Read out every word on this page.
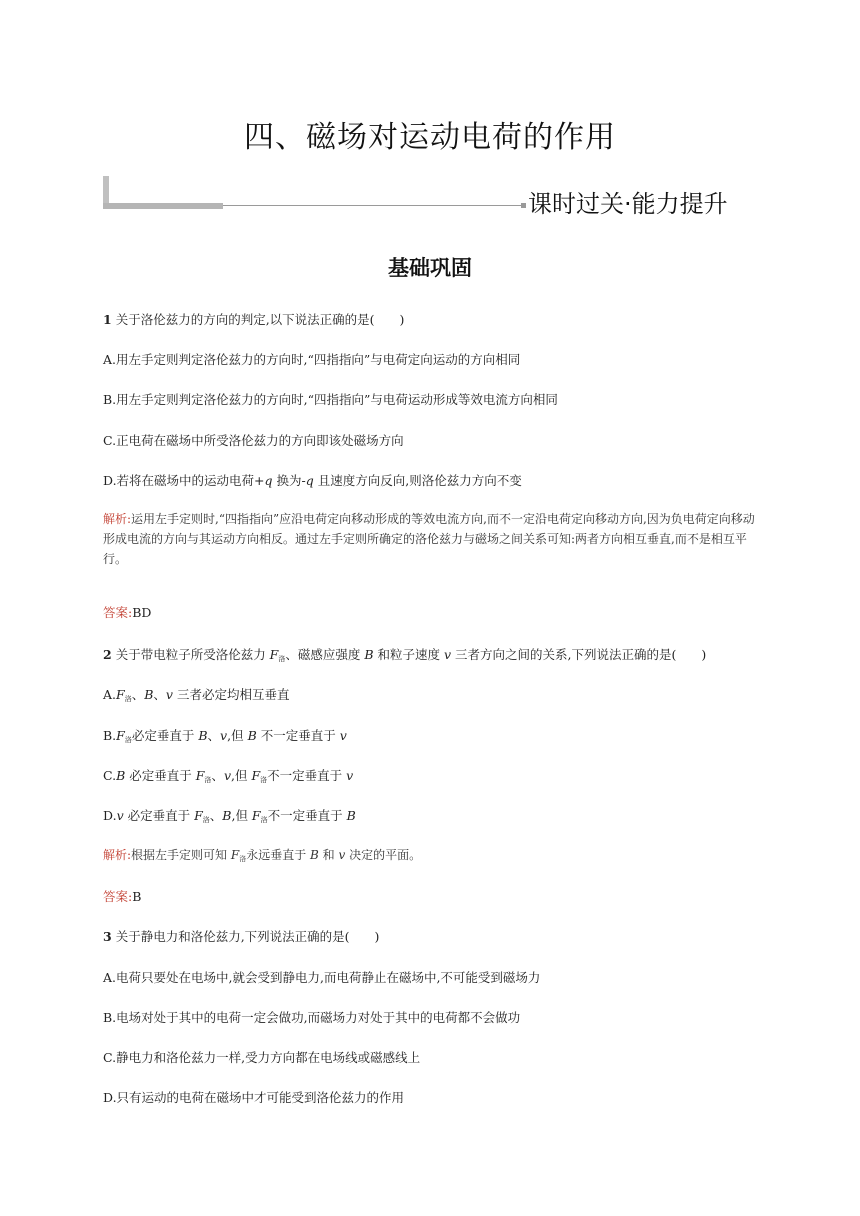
四、磁场对运动电荷的作用
课时过关·能力提升
基础巩固
1 关于洛伦兹力的方向的判定,以下说法正确的是(　　)
A.用左手定则判定洛伦兹力的方向时,“四指指向”与电荷定向运动的方向相同
B.用左手定则判定洛伦兹力的方向时,“四指指向”与电荷运动形成等效电流方向相同
C.正电荷在磁场中所受洛伦兹力的方向即该处磁场方向
D.若将在磁场中的运动电荷+q 换为-q 且速度方向反向,则洛伦兹力方向不变
解析:运用左手定则时,“四指指向”应沿电荷定向移动形成的等效电流方向,而不一定沿电荷定向移动方向,因为负电荷定向移动形成电流的方向与其运动方向相反。通过左手定则所确定的洛伦兹力与磁场之间关系可知:两者方向相互垂直,而不是相互平行。
答案:BD
2 关于带电粒子所受洛伦兹力 $F_洛$、磁感应强度 B 和粒子速度 v 三者方向之间的关系,下列说法正确的是(　　)
$A.F_洛$、B、v 三者必定均相互垂直
$B.F_洛$必定垂直于 B、v,但 B 不一定垂直于 v
C.B 必定垂直于 $F_洛$、v,但 $F_洛$不一定垂直于 v
D.v 必定垂直于 $F_洛$、B,但 $F_洛$不一定垂直于 B
解析:根据左手定则可知 $F_洛$永远垂直于 B 和 v 决定的平面。
答案:B
3 关于静电力和洛伦兹力,下列说法正确的是(　　)
A.电荷只要处在电场中,就会受到静电力,而电荷静止在磁场中,不可能受到磁场力
B.电场对处于其中的电荷一定会做功,而磁场力对处于其中的电荷都不会做功
C.静电力和洛伦兹力一样,受力方向都在电场线或磁感线上
D.只有运动的电荷在磁场中才可能受到洛伦兹力的作用
